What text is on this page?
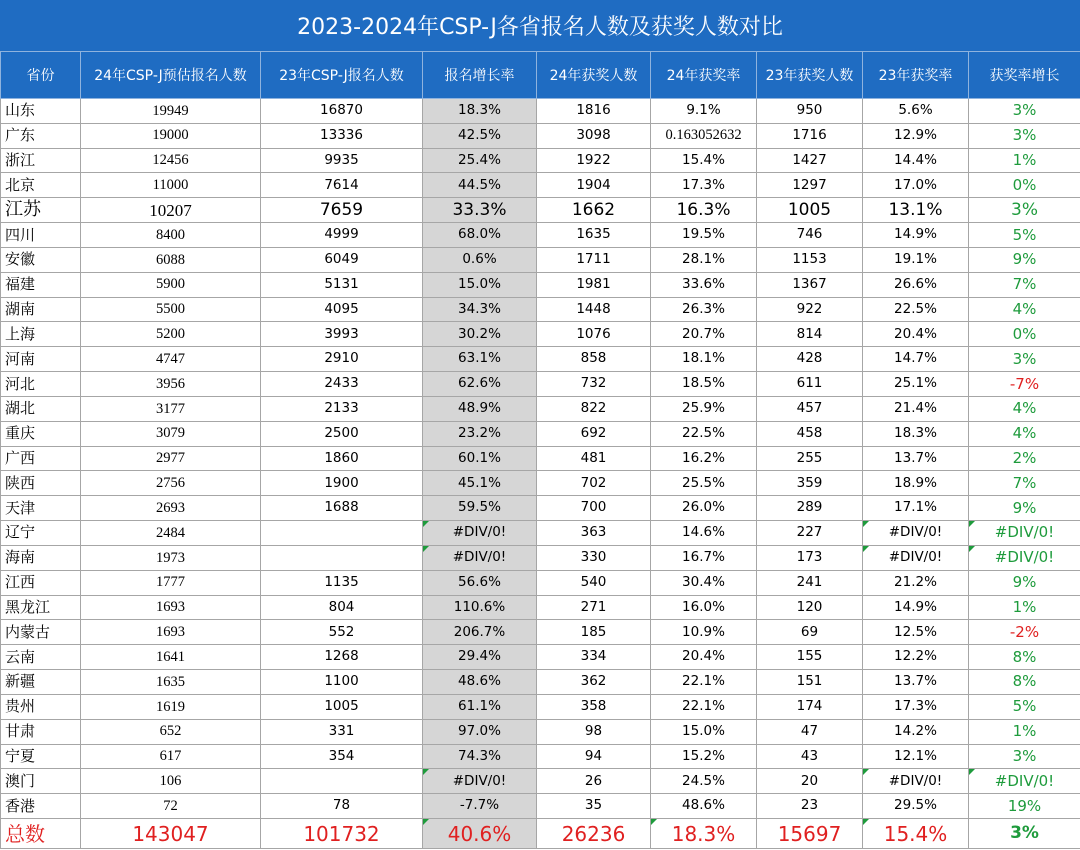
2023-2024年CSP-J各省报名人数及获奖人数对比
省份	24年CSP-J预估报名人数	23年CSP-J报名人数	报名增长率	24年获奖人数	24年获奖率	23年获奖人数	23年获奖率	获奖率增长
山东	19949	16870	18.3%	1816	9.1%	950	5.6%	3%
广东	19000	13336	42.5%	3098	0.163052632	1716	12.9%	3%
浙江	12456	9935	25.4%	1922	15.4%	1427	14.4%	1%
北京	11000	7614	44.5%	1904	17.3%	1297	17.0%	0%
江苏	10207	7659	33.3%	1662	16.3%	1005	13.1%	3%
四川	8400	4999	68.0%	1635	19.5%	746	14.9%	5%
安徽	6088	6049	0.6%	1711	28.1%	1153	19.1%	9%
福建	5900	5131	15.0%	1981	33.6%	1367	26.6%	7%
湖南	5500	4095	34.3%	1448	26.3%	922	22.5%	4%
上海	5200	3993	30.2%	1076	20.7%	814	20.4%	0%
河南	4747	2910	63.1%	858	18.1%	428	14.7%	3%
河北	3956	2433	62.6%	732	18.5%	611	25.1%	-7%
湖北	3177	2133	48.9%	822	25.9%	457	21.4%	4%
重庆	3079	2500	23.2%	692	22.5%	458	18.3%	4%
广西	2977	1860	60.1%	481	16.2%	255	13.7%	2%
陕西	2756	1900	45.1%	702	25.5%	359	18.9%	7%
天津	2693	1688	59.5%	700	26.0%	289	17.1%	9%
辽宁	2484		#DIV/0!	363	14.6%	227	#DIV/0!	#DIV/0!
海南	1973		#DIV/0!	330	16.7%	173	#DIV/0!	#DIV/0!
江西	1777	1135	56.6%	540	30.4%	241	21.2%	9%
黑龙江	1693	804	110.6%	271	16.0%	120	14.9%	1%
内蒙古	1693	552	206.7%	185	10.9%	69	12.5%	-2%
云南	1641	1268	29.4%	334	20.4%	155	12.2%	8%
新疆	1635	1100	48.6%	362	22.1%	151	13.7%	8%
贵州	1619	1005	61.1%	358	22.1%	174	17.3%	5%
甘肃	652	331	97.0%	98	15.0%	47	14.2%	1%
宁夏	617	354	74.3%	94	15.2%	43	12.1%	3%
澳门	106		#DIV/0!	26	24.5%	20	#DIV/0!	#DIV/0!
香港	72	78	-7.7%	35	48.6%	23	29.5%	19%
总数	143047	101732	40.6%	26236	18.3%	15697	15.4%	3%
